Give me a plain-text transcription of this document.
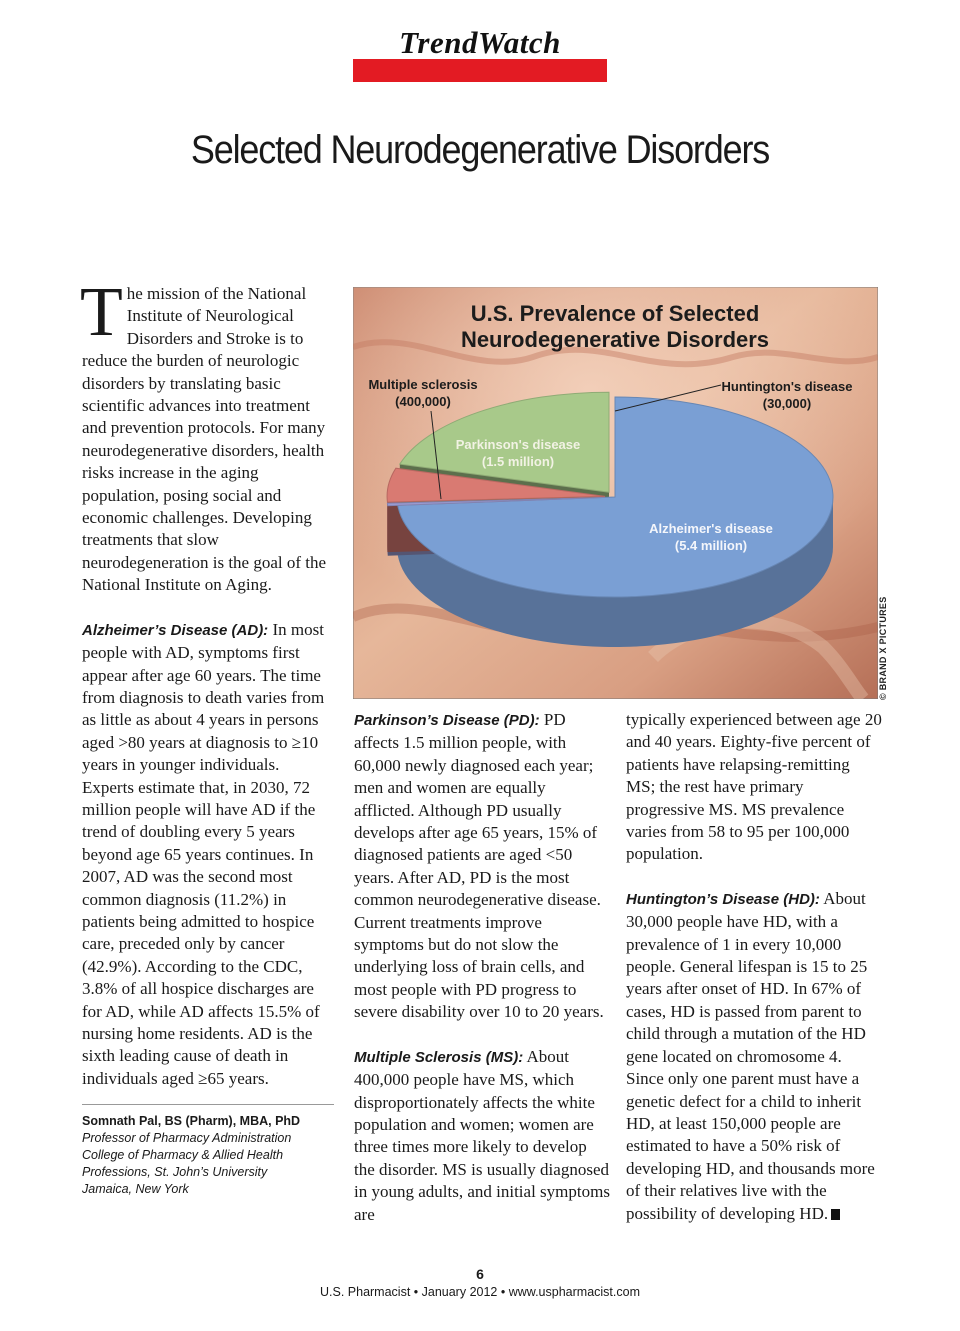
TrendWatch
Selected Neurodegenerative Disorders

The mission of the National Institute of Neurological Disorders and Stroke is to reduce the burden of neurologic disorders by translating basic scientific advances into treatment and prevention protocols. For many neurodegenerative disorders, health risks increase in the aging population, posing social and economic challenges. Developing treatments that slow neurodegeneration is the goal of the National Institute on Aging.

Alzheimer’s Disease (AD): In most people with AD, symptoms first appear after age 60 years. The time from diagnosis to death varies from as little as about 4 years in persons aged >80 years at diagnosis to ≥10 years in younger individuals. Experts estimate that, in 2030, 72 million people will have AD if the trend of doubling every 5 years beyond age 65 years continues. In 2007, AD was the second most common diagnosis (11.2%) in patients being admitted to hospice care, preceded only by cancer (42.9%). According to the CDC, 3.8% of all hospice discharges are for AD, while AD affects 15.5% of nursing home residents. AD is the sixth leading cause of death in individuals aged ≥65 years.

Somnath Pal, BS (Pharm), MBA, PhD
Professor of Pharmacy Administration
College of Pharmacy & Allied Health
Professions, St. John’s University
Jamaica, New York
U.S. Prevalence of Selected
Neurodegenerative Disorders
Multiple sclerosis
(400,000)
Parkinson's disease
(1.5 million)
Huntington's disease
(30,000)
Alzheimer's disease
(5.4 million)
© BRAND X PICTURES

Parkinson’s Disease (PD): PD affects 1.5 million people, with 60,000 newly diagnosed each year; men and women are equally afflicted. Although PD usually develops after age 65 years, 15% of diagnosed patients are aged <50 years. After AD, PD is the most common neurodegenerative disease. Current treatments improve symptoms but do not slow the underlying loss of brain cells, and most people with PD progress to severe disability over 10 to 20 years.

Multiple Sclerosis (MS): About 400,000 people have MS, which disproportionately affects the white population and women; women are three times more likely to develop the disorder. MS is usually diagnosed in young adults, and initial symptoms are

typically experienced between age 20 and 40 years. Eighty-five percent of patients have relapsing-remitting MS; the rest have primary progressive MS. MS prevalence varies from 58 to 95 per 100,000 population.

Huntington’s Disease (HD): About 30,000 people have HD, with a prevalence of 1 in every 10,000 people. General lifespan is 15 to 25 years after onset of HD. In 67% of cases, HD is passed from parent to child through a mutation of the HD gene located on chromosome 4. Since only one parent must have a genetic defect for a child to inherit HD, at least 150,000 people are estimated to have a 50% risk of developing HD, and thousands more of their relatives live with the possibility of developing HD.

6
U.S. Pharmacist • January 2012 • www.uspharmacist.com
